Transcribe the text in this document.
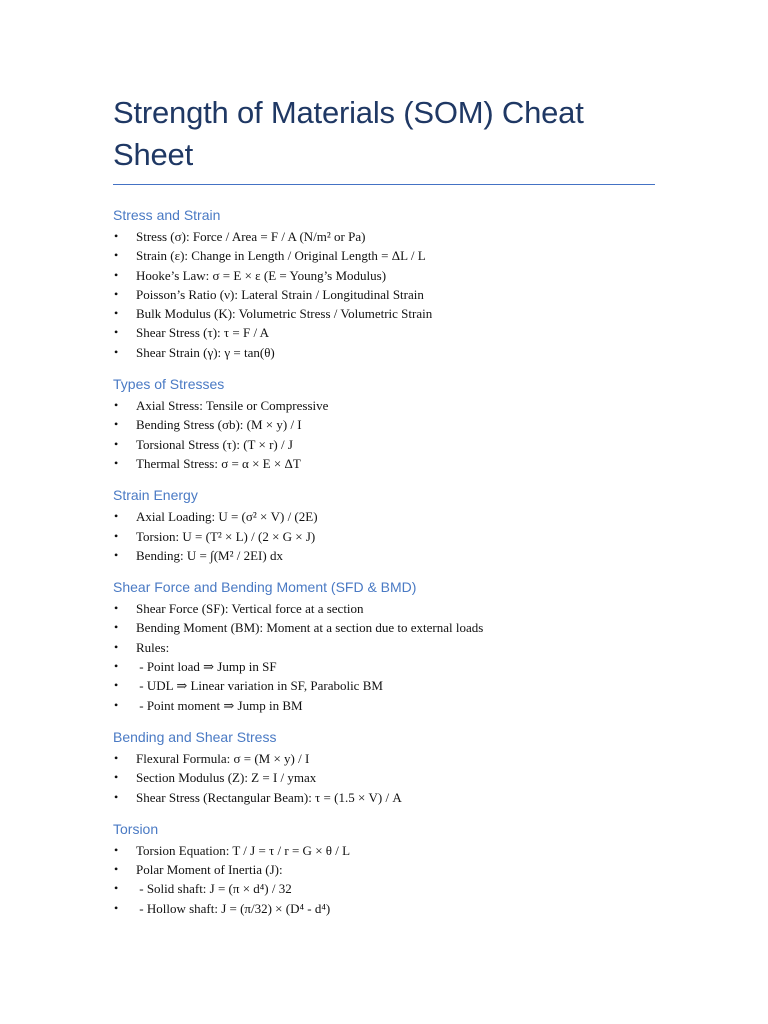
Strength of Materials (SOM) Cheat Sheet
Stress and Strain
• Stress (σ): Force / Area = F / A (N/m² or Pa)
• Strain (ε): Change in Length / Original Length = ΔL / L
• Hooke’s Law: σ = E × ε (E = Young’s Modulus)
• Poisson’s Ratio (ν): Lateral Strain / Longitudinal Strain
• Bulk Modulus (K): Volumetric Stress / Volumetric Strain
• Shear Stress (τ): τ = F / A
• Shear Strain (γ): γ = tan(θ)
Types of Stresses
• Axial Stress: Tensile or Compressive
• Bending Stress (σb): (M × y) / I
• Torsional Stress (τ): (T × r) / J
• Thermal Stress: σ = α × E × ΔT
Strain Energy
• Axial Loading: U = (σ² × V) / (2E)
• Torsion: U = (T² × L) / (2 × G × J)
• Bending: U = ∫(M² / 2EI) dx
Shear Force and Bending Moment (SFD & BMD)
• Shear Force (SF): Vertical force at a section
• Bending Moment (BM): Moment at a section due to external loads
• Rules:
• - Point load ⇒ Jump in SF
• - UDL ⇒ Linear variation in SF, Parabolic BM
• - Point moment ⇒ Jump in BM
Bending and Shear Stress
• Flexural Formula: σ = (M × y) / I
• Section Modulus (Z): Z = I / ymax
• Shear Stress (Rectangular Beam): τ = (1.5 × V) / A
Torsion
• Torsion Equation: T / J = τ / r = G × θ / L
• Polar Moment of Inertia (J):
• - Solid shaft: J = (π × d⁴) / 32
• - Hollow shaft: J = (π/32) × (D⁴ - d⁴)
